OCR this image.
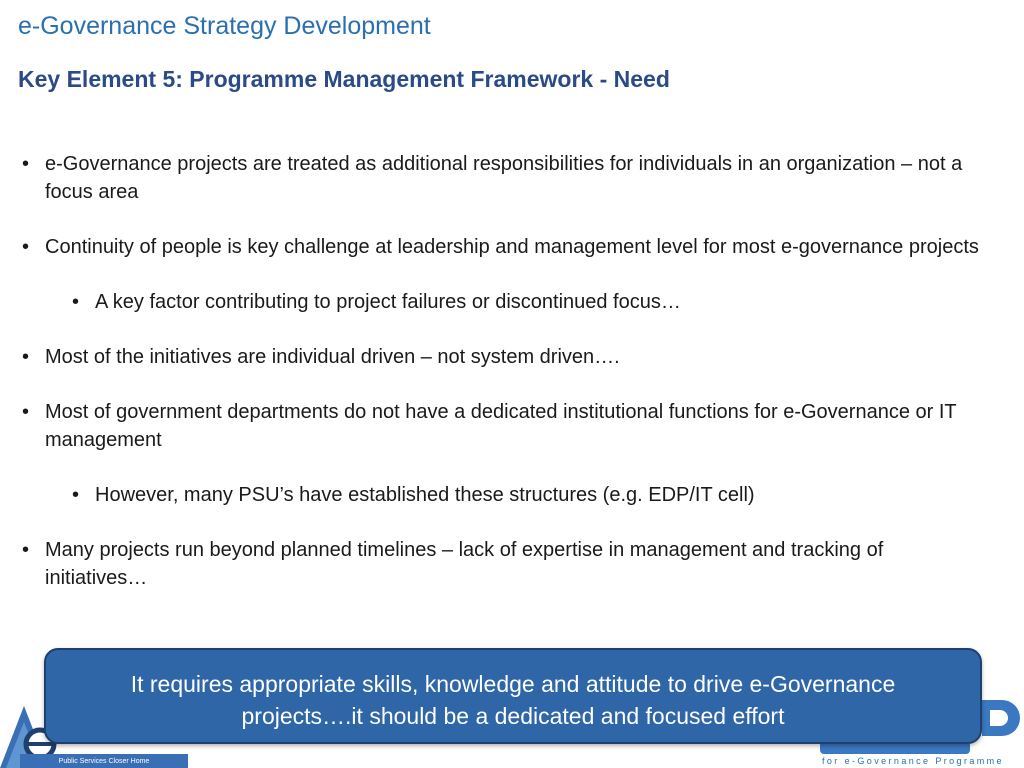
e-Governance Strategy Development
Key Element 5: Programme Management Framework - Need
• e-Governance projects are treated as additional responsibilities for individuals in an organization – not a focus area
• Continuity of people is key challenge at leadership and management level for most e-governance projects
• A key factor contributing to project failures or discontinued focus…
• Most of the initiatives are individual driven – not system driven….
• Most of government departments do not have a dedicated institutional functions for e-Governance or IT management
• However, many PSU’s have established these structures (e.g. EDP/IT cell)
• Many projects run beyond planned timelines – lack of expertise in management and tracking of initiatives…
Public Services Closer Home	for e-Governance Programme
It requires appropriate skills, knowledge and attitude to drive e-Governance projects….it should be a dedicated and focused effort
